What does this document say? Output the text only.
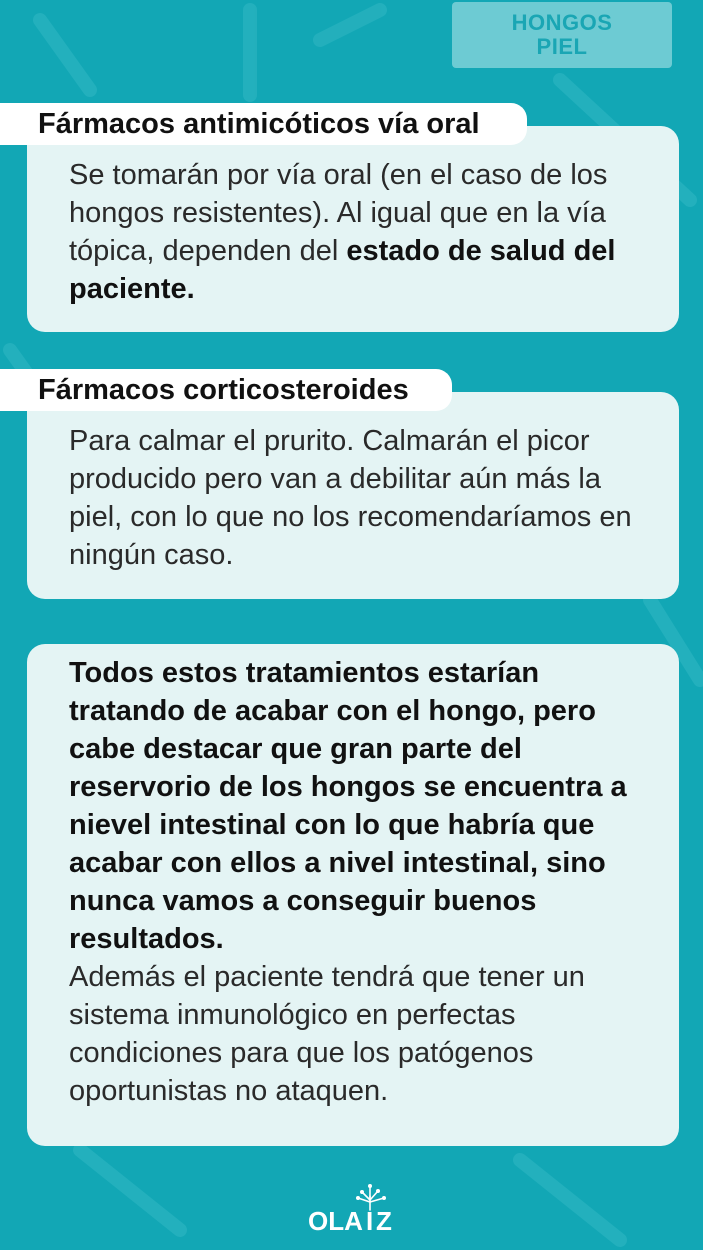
HONGOS
PIEL
Se tomarán por vía oral (en el caso de los hongos resistentes). Al igual que en la vía tópica, dependen del estado de salud del paciente.
Fármacos antimicóticos vía oral
Para calmar el prurito. Calmarán el picor producido pero van a debilitar aún más la piel, con lo que no los recomendaríamos en ningún caso.
Fármacos corticosteroides
Todos estos tratamientos estarían tratando de acabar con el hongo, pero cabe destacar que gran parte del reservorio de los hongos se encuentra a nievel intestinal con lo que habría que acabar con ellos a nivel intestinal, sino nunca vamos a conseguir buenos resultados.
Además el paciente tendrá que tener un sistema inmunológico en perfectas condiciones para que los patógenos oportunistas no ataquen.
OLA I Z
